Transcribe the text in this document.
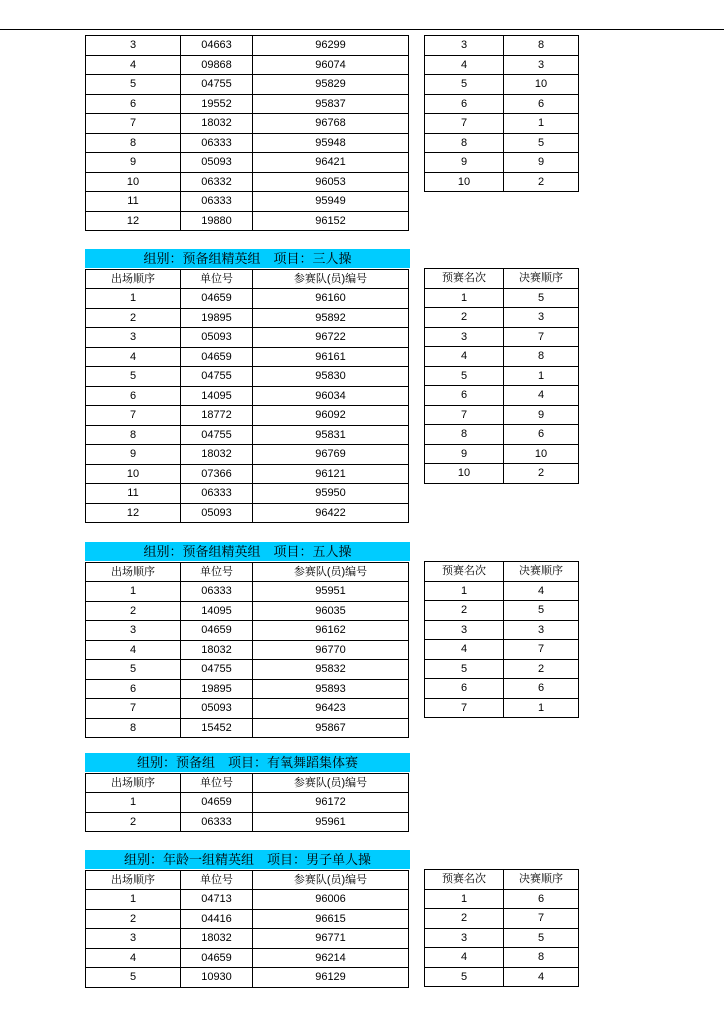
3	04663	96299
4	09868	96074
5	04755	95829
6	19552	95837
7	18032	96768
8	06333	95948
9	05093	96421
10	06332	96053
11	06333	95949
12	19880	96152
3	8
4	3
5	10
6	6
7	1
8	5
9	9
10	2
组别：预备组精英组　项目：三人操
出场顺序	单位号	参赛队(员)编号
1	04659	96160
2	19895	95892
3	05093	96722
4	04659	96161
5	04755	95830
6	14095	96034
7	18772	96092
8	04755	95831
9	18032	96769
10	07366	96121
11	06333	95950
12	05093	96422
预赛名次	决赛顺序
1	5
2	3
3	7
4	8
5	1
6	4
7	9
8	6
9	10
10	2
组别：预备组精英组　项目：五人操
出场顺序	单位号	参赛队(员)编号
1	06333	95951
2	14095	96035
3	04659	96162
4	18032	96770
5	04755	95832
6	19895	95893
7	05093	96423
8	15452	95867
预赛名次	决赛顺序
1	4
2	5
3	3
4	7
5	2
6	6
7	1
组别：预备组　项目：有氧舞蹈集体赛
出场顺序	单位号	参赛队(员)编号
1	04659	96172
2	06333	95961
组别：年龄一组精英组　项目：男子单人操
出场顺序	单位号	参赛队(员)编号
1	04713	96006
2	04416	96615
3	18032	96771
4	04659	96214
5	10930	96129
预赛名次	决赛顺序
1	6
2	7
3	5
4	8
5	4
